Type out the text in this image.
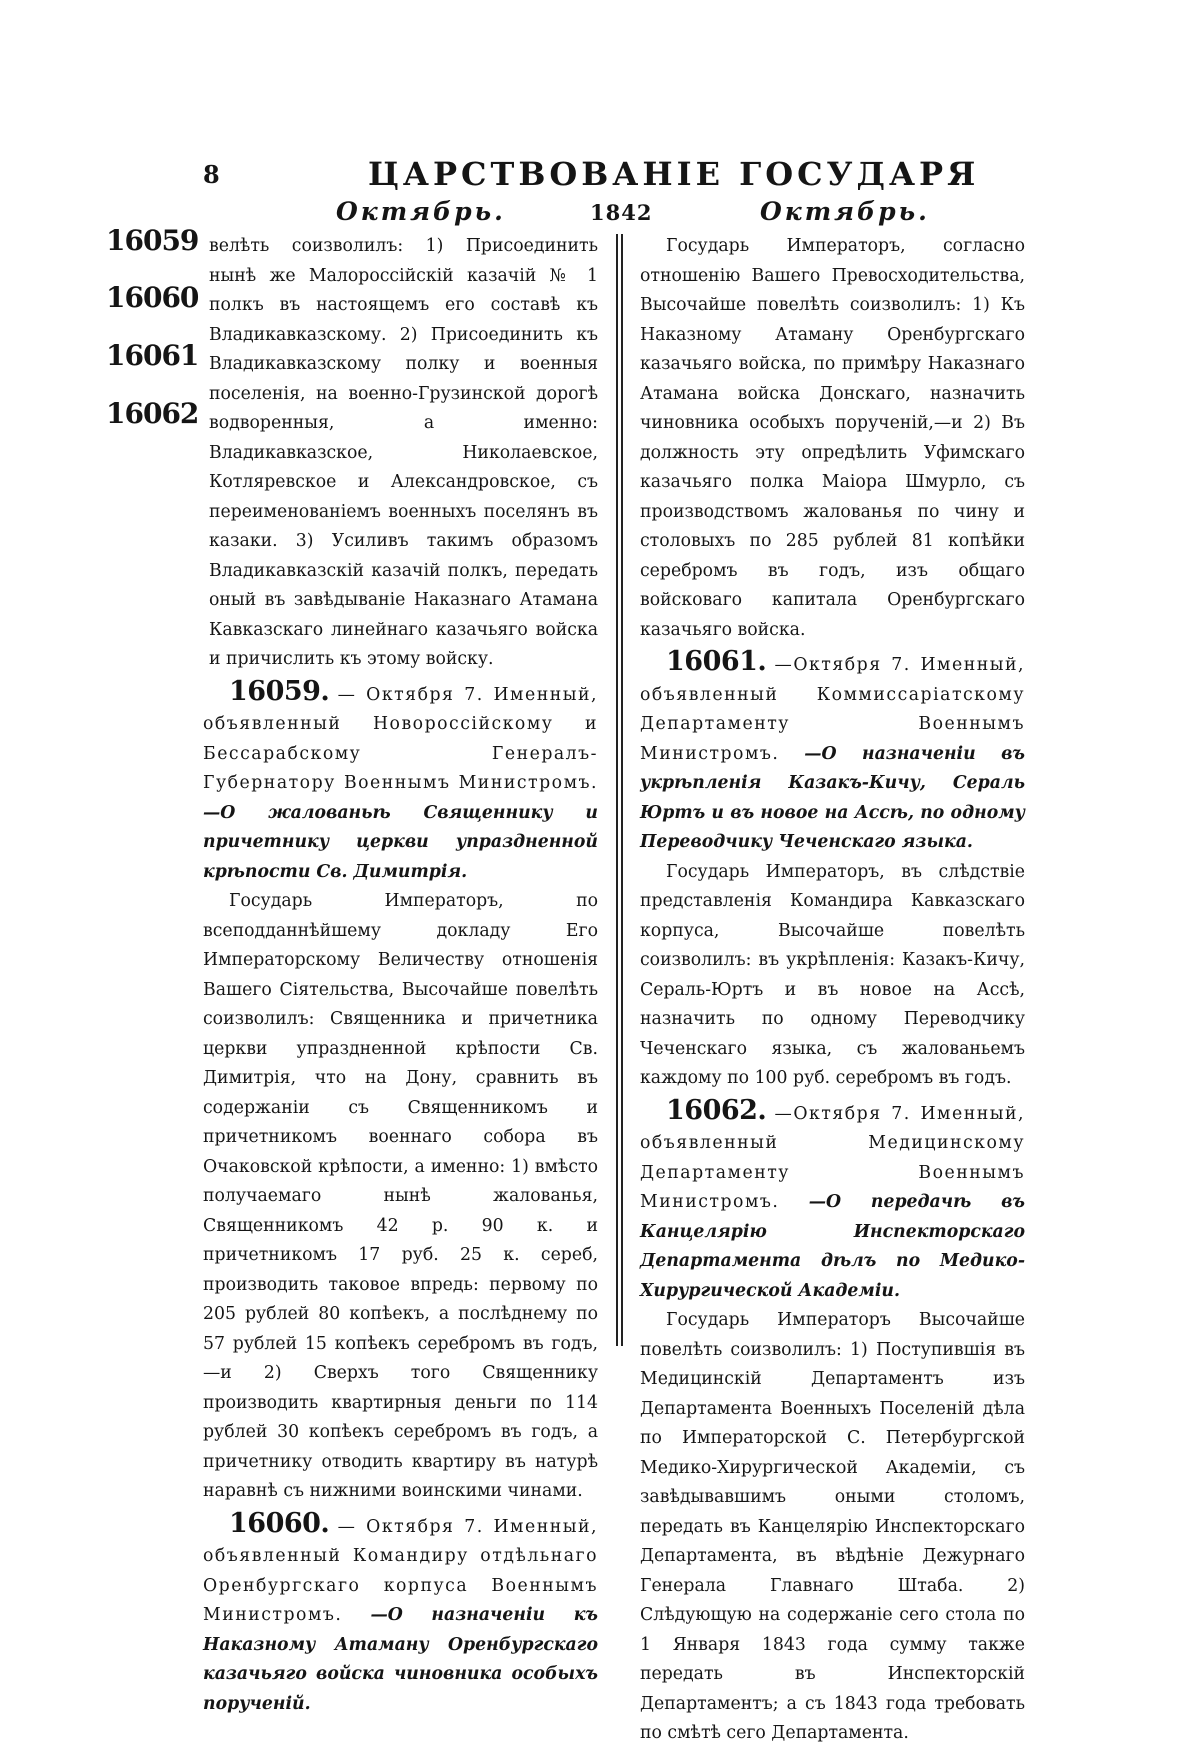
8	ЦАРСТВОВАНІЕ ГОСУДАРЯ
Октябрь.	1842	Октябрь.
16059
16060
16061
16062

велѣть соизволилъ: 1) Присоединить нынѣ же Малороссійскій казачій № 1 полкъ въ настоящемъ его составѣ къ Владикавказскому. 2) Присоединить къ Владикавказскому полку и военныя поселенія, на военно-Грузинской дорогѣ водворенныя, а именно: Владикавказское, Николаевское, Котляревское и Александровское, съ переименованіемъ военныхъ поселянъ въ казаки. 3) Усиливъ такимъ образомъ Владикавказскій казачій полкъ, передать оный въ завѣдываніе Наказнаго Атамана Кавказскаго линейнаго казачьяго войска и причислить къ этому войску.

16059. — Октября 7. Именный, объявленный Новороссійскому и Бессарабскому Генералъ-Губернатору Военнымъ Министромъ. —О жалованьѣ Священнику и причетнику церкви упраздненной крѣпости Св. Димитрія.

Государь Императоръ, по всеподданнѣйшему докладу Его Императорскому Величеству отношенія Вашего Сіятельства, Высочайше повелѣть соизволилъ: Священника и причетника церкви упраздненной крѣпости Св. Димитрія, что на Дону, сравнить въ содержаніи съ Священникомъ и причетникомъ военнаго собора въ Очаковской крѣпости, а именно: 1) вмѣсто получаемаго нынѣ жалованья, Священникомъ 42 р. 90 к. и причетникомъ 17 руб. 25 к. сереб, производить таковое впредь: первому по 205 рублей 80 копѣекъ, а послѣднему по 57 рублей 15 копѣекъ серебромъ въ годъ,—и 2) Сверхъ того Священнику производить квартирныя деньги по 114 рублей 30 копѣекъ серебромъ въ годъ, а причетнику отводить квартиру въ натурѣ наравнѣ съ нижними воинскими чинами.

16060. — Октября 7. Именный, объявленный Командиру отдѣльнаго Оренбургскаго корпуса Военнымъ Министромъ. —О назначеніи къ Наказному Атаману Оренбургскаго казачьяго войска чиновника особыхъ порученій.

Государь Императоръ, согласно отношенію Вашего Превосходительства, Высочайше повелѣть соизволилъ: 1) Къ Наказному Атаману Оренбургскаго казачьяго войска, по примѣру Наказнаго Атамана войска Донскаго, назначить чиновника особыхъ порученій,—и 2) Въ должность эту опредѣлить Уфимскаго казачьяго полка Маіора Шмурло, съ производствомъ жалованья по чину и столовыхъ по 285 рублей 81 копѣйки серебромъ въ годъ, изъ общаго войсковаго капитала Оренбургскаго казачьяго войска.

16061. —Октября 7. Именный, объявленный Коммиссаріатскому Департаменту Военнымъ Министромъ. —О назначеніи въ укрѣпленія Казакъ-Кичу, Сераль Юртъ и въ новое на Ассѣ, по одному Переводчику Чеченскаго языка.

Государь Императоръ, въ слѣдствіе представленія Командира Кавказскаго корпуса, Высочайше повелѣть соизволилъ: въ укрѣпленія: Казакъ-Кичу, Сераль-Юртъ и въ новое на Ассѣ, назначить по одному Переводчику Чеченскаго языка, съ жалованьемъ каждому по 100 руб. серебромъ въ годъ.

16062. —Октября 7. Именный, объявленный Медицинскому Департаменту Военнымъ Министромъ. —О передачѣ въ Канцелярію Инспекторскаго Департамента дѣлъ по Медико-Хирургической Академіи.

Государь Императоръ Высочайше повелѣть соизволилъ: 1) Поступившія въ Медицинскій Департаментъ изъ Департамента Военныхъ Поселеній дѣла по Императорской С. Петербургской Медико-Хирургической Академіи, съ завѣдывавшимъ оными столомъ, передать въ Канцелярію Инспекторскаго Департамента, въ вѣдѣніе Дежурнаго Генерала Главнаго Штаба. 2) Слѣдующую на содержаніе сего стола по 1 Января 1843 года сумму также передать въ Инспекторскій Департаментъ; а съ 1843 года требовать по смѣтѣ сего Департамента.
